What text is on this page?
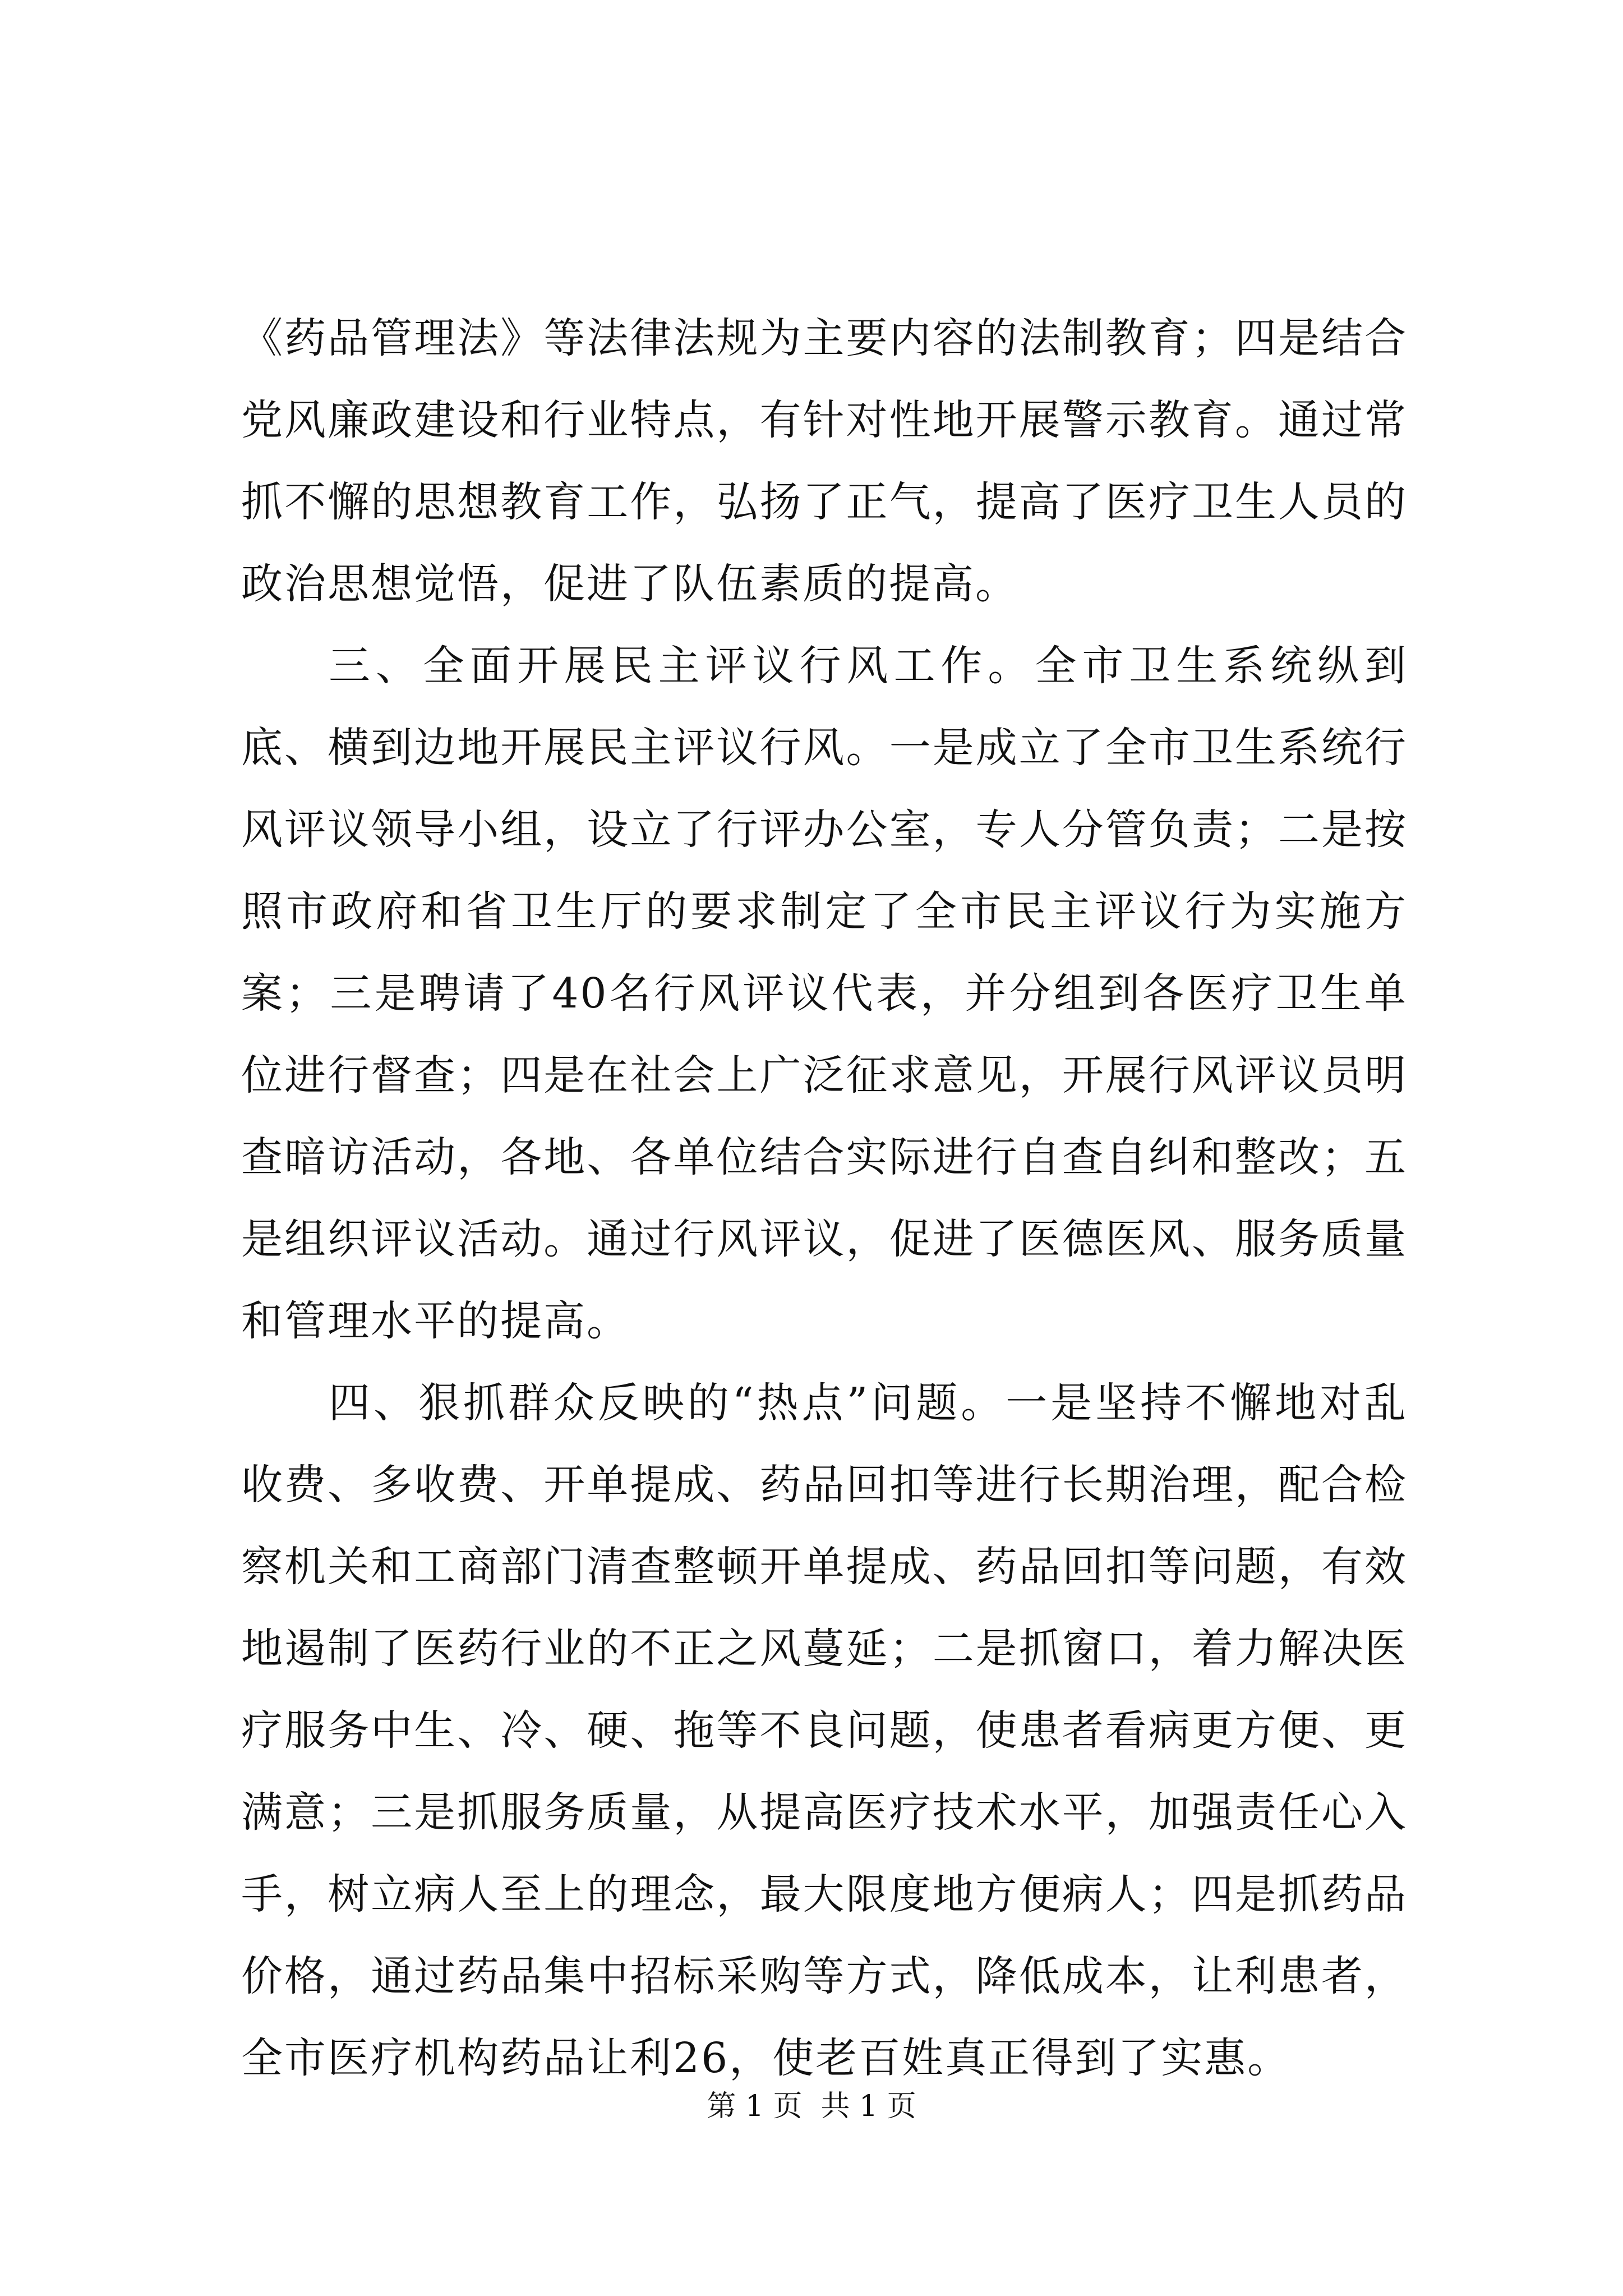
《药品管理法》等法律法规为主要内容的法制教育；四是结合党风廉政建设和行业特点，有针对性地开展警示教育。通过常抓不懈的思想教育工作，弘扬了正气，提高了医疗卫生人员的政治思想觉悟，促进了队伍素质的提高。

三、全面开展民主评议行风工作。全市卫生系统纵到底、横到边地开展民主评议行风。一是成立了全市卫生系统行风评议领导小组，设立了行评办公室，专人分管负责；二是按照市政府和省卫生厅的要求制定了全市民主评议行为实施方案；三是聘请了40名行风评议代表，并分组到各医疗卫生单位进行督查；四是在社会上广泛征求意见，开展行风评议员明查暗访活动，各地、各单位结合实际进行自查自纠和整改；五是组织评议活动。通过行风评议，促进了医德医风、服务质量和管理水平的提高。

四、狠抓群众反映的“热点”问题。一是坚持不懈地对乱收费、多收费、开单提成、药品回扣等进行长期治理，配合检察机关和工商部门清查整顿开单提成、药品回扣等问题，有效地遏制了医药行业的不正之风蔓延；二是抓窗口，着力解决医疗服务中生、冷、硬、拖等不良问题，使患者看病更方便、更满意；三是抓服务质量，从提高医疗技术水平，加强责任心入手，树立病人至上的理念，最大限度地方便病人；四是抓药品价格，通过药品集中招标采购等方式，降低成本，让利患者，全市医疗机构药品让利26，使老百姓真正得到了实惠。

第 1 页  共 1 页
